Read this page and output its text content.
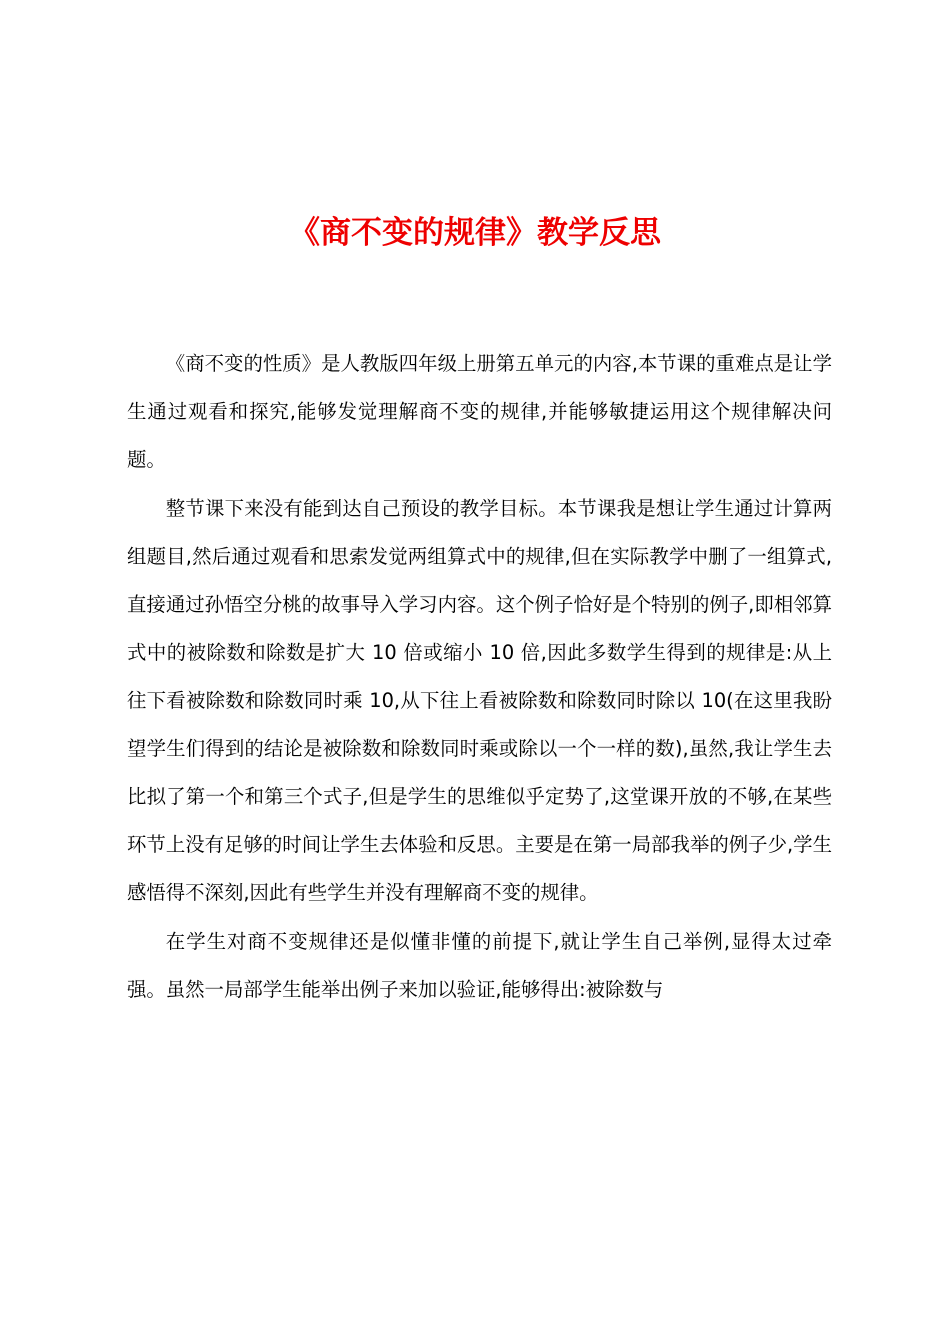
《商不变的规律》教学反思

《商不变的性质》是人教版四年级上册第五单元的内容,本节课的重难点是让学生通过观看和探究,能够发觉理解商不变的规律,并能够敏捷运用这个规律解决问题。

整节课下来没有能到达自己预设的教学目标。本节课我是想让学生通过计算两组题目,然后通过观看和思索发觉两组算式中的规律,但在实际教学中删了一组算式,直接通过孙悟空分桃的故事导入学习内容。这个例子恰好是个特别的例子,即相邻算式中的被除数和除数是扩大 10 倍或缩小 10 倍,因此多数学生得到的规律是:从上往下看被除数和除数同时乘 10,从下往上看被除数和除数同时除以 10(在这里我盼望学生们得到的结论是被除数和除数同时乘或除以一个一样的数),虽然,我让学生去比拟了第一个和第三个式子,但是学生的思维似乎定势了,这堂课开放的不够,在某些环节上没有足够的时间让学生去体验和反思。主要是在第一局部我举的例子少,学生感悟得不深刻,因此有些学生并没有理解商不变的规律。

在学生对商不变规律还是似懂非懂的前提下,就让学生自己举例,显得太过牵强。虽然一局部学生能举出例子来加以验证,能够得出:被除数与
